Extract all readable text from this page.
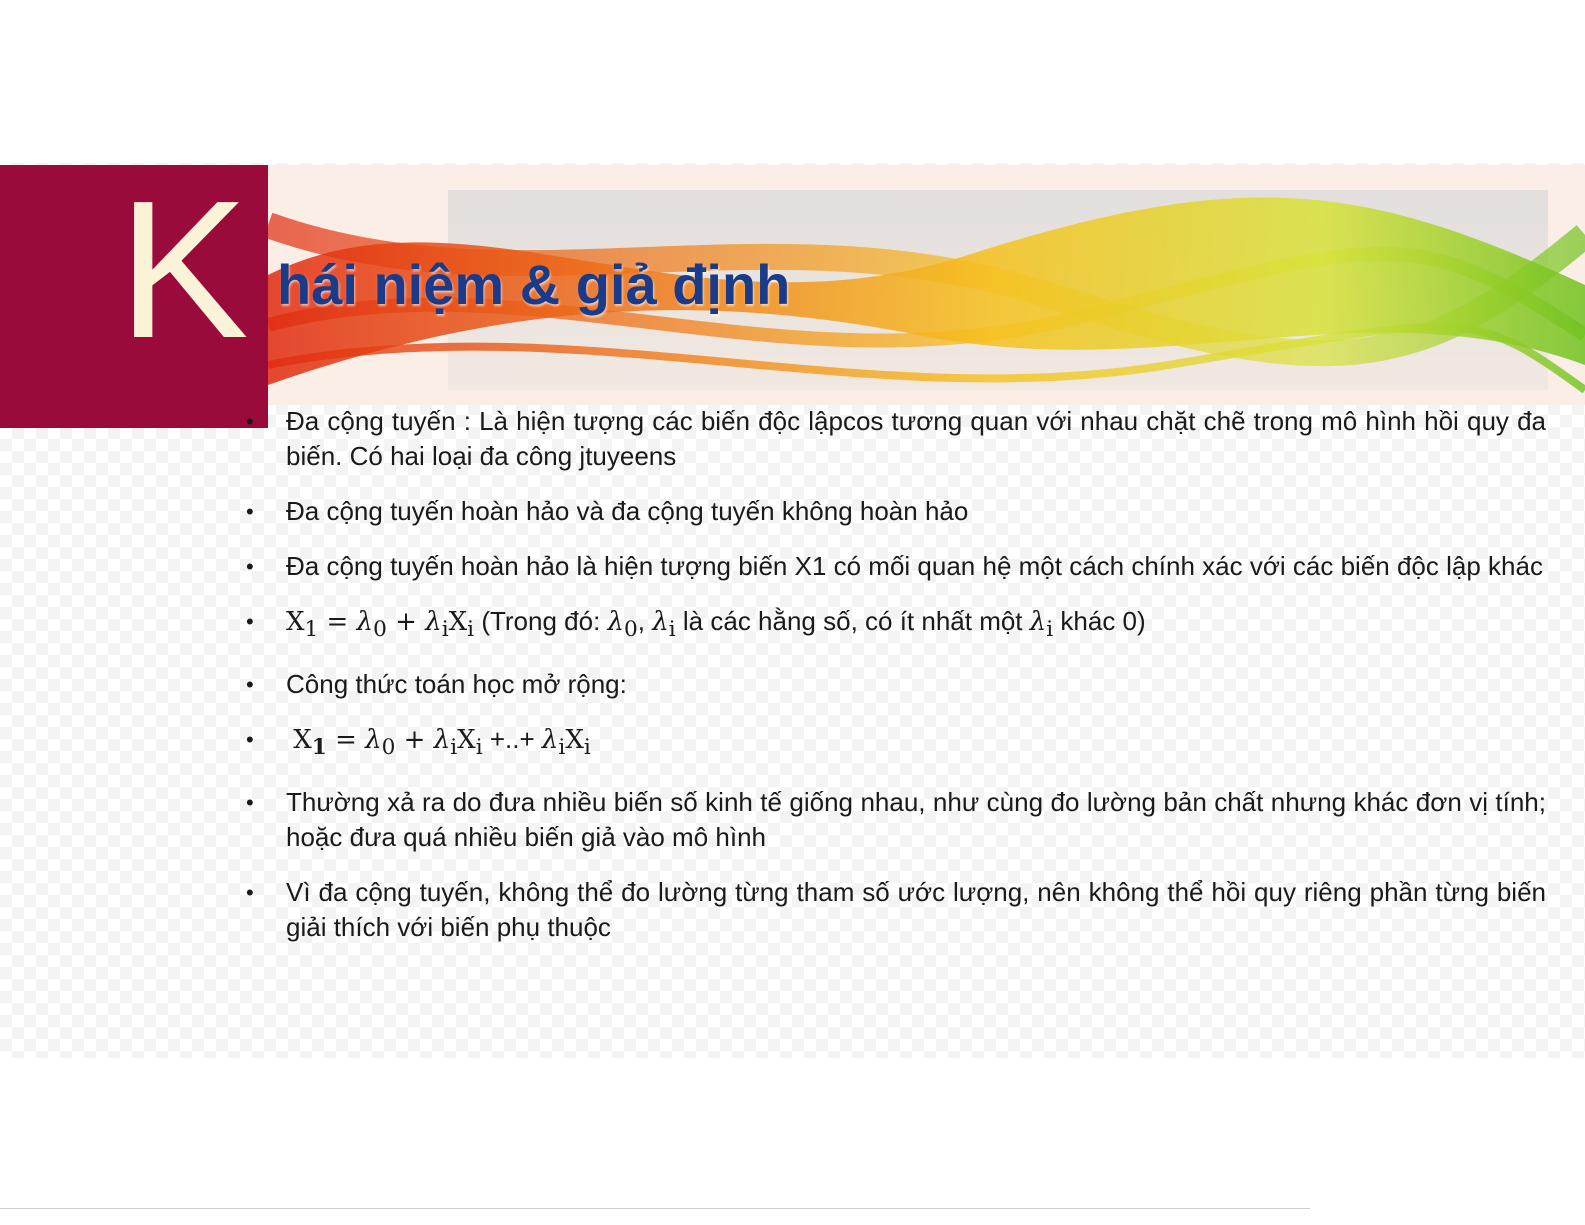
K hái niệm & giả định
•	Đa cộng tuyến : Là hiện tượng các biến độc lậpcos tương quan với nhau chặt chẽ trong mô hình hồi quy đa biến. Có hai loại đa công jtuyeens
•	Đa cộng tuyến hoàn hảo và đa cộng tuyến không hoàn hảo
•	Đa cộng tuyến hoàn hảo là hiện tượng biến X1 có mối quan hệ một cách chính xác với các biến độc lập khác
•	$X_1 = \lambda_0 + \lambda_iX_i$ (Trong đó: $\lambda_0$, $\lambda_i$ là các hằng số, có ít nhất một $\lambda_i$ khác 0)
•	Công thức toán học mở rộng:
•	$X_1 = \lambda_0 + \lambda_iX_i$ +..+ $\lambda_iX_i$
•	Thường xả ra do đưa nhiều biến số kinh tế giống nhau, như cùng đo lường bản chất nhưng khác đơn vị tính; hoặc đưa quá nhiều biến giả vào mô hình
•	Vì đa cộng tuyến, không thể đo lường từng tham số ước lượng, nên không thể hồi quy riêng phần từng biến giải thích với biến phụ thuộc
